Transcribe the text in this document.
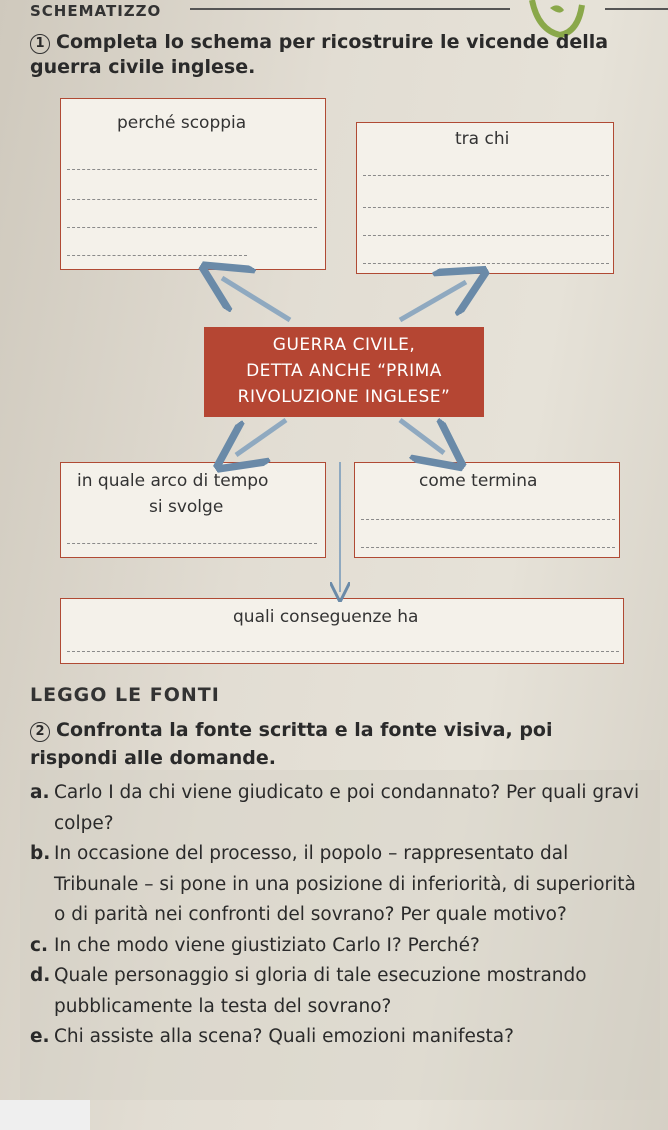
SCHEMATIZZO
1 Completa lo schema per ricostruire le vicende della guerra civile inglese.
perché scoppia
tra chi
GUERRA CIVILE,
DETTA ANCHE “PRIMA
RIVOLUZIONE INGLESE”
in quale arco di tempo
si svolge
come termina
quali conseguenze ha
LEGGO LE FONTI
2 Confronta la fonte scritta e la fonte visiva, poi rispondi alle domande.
a. Carlo I da chi viene giudicato e poi condannato? Per quali gravi colpe?
b. In occasione del processo, il popolo – rappresentato dal Tribunale – si pone in una posizione di inferiorità, di superiorità o di parità nei confronti del sovrano? Per quale motivo?
c. In che modo viene giustiziato Carlo I? Perché?
d. Quale personaggio si gloria di tale esecuzione mostrando pubblicamente la testa del sovrano?
e. Chi assiste alla scena? Quali emozioni manifesta?
